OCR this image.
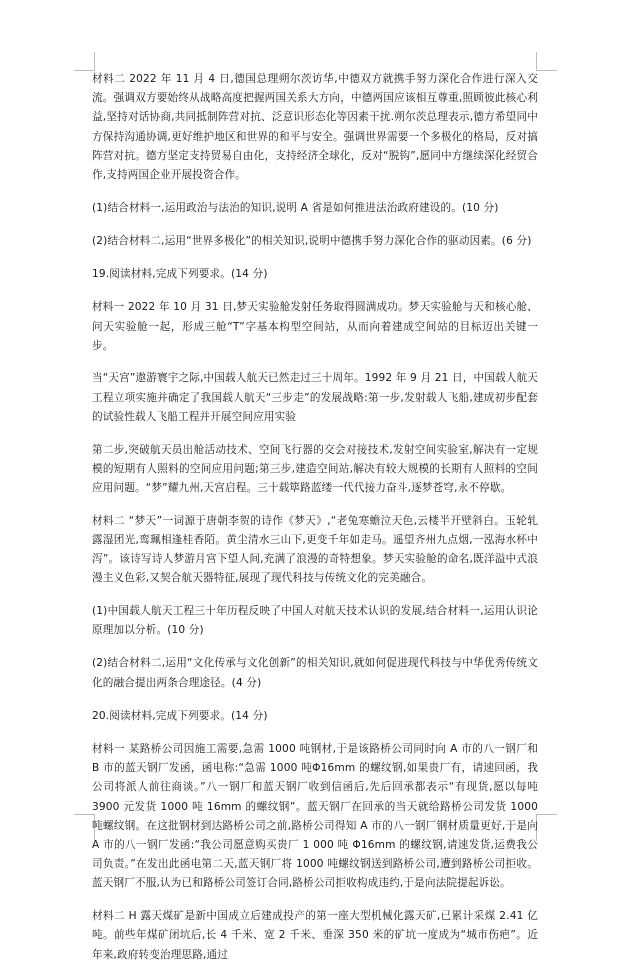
材料二 2022 年 11 月 4 日,德国总理朔尔茨访华,中德双方就携手努力深化合作进行深入交流。强调双方要始终从战略高度把握两国关系大方向，中德两国应该相互尊重,照顾彼此核心利益,坚持对话协商,共同抵制阵营对抗、泛意识形态化等因素干扰.朔尔茨总理表示,德方希望同中方保持沟通协调,更好维护地区和世界的和平与安全。强调世界需要一个多极化的格局，反对搞阵营对抗。德方坚定支持贸易自由化，支持经济全球化，反对“脱钩”,愿同中方继续深化经贸合作,支持两国企业开展投资合作。

(1)结合材料一,运用政治与法治的知识,说明 A 省是如何推进法治政府建设的。(10 分)

(2)结合材料二,运用“世界多极化”的相关知识,说明中德携手努力深化合作的驱动因素。(6 分)

19.阅读材料,完成下列要求。(14 分)

材料一 2022 年 10 月 31 日,梦天实验舱发射任务取得圆满成功。梦天实验舱与天和核心舱、问天实验舱一起，形成三舱“T”字基本构型空间站，从而向着建成空间站的目标迈出关键一步。

当“天宫”遨游寰宇之际,中国载人航天已然走过三十周年。1992 年 9 月 21 日，中国载人航天工程立项实施并确定了我国载人航天“三步走”的发展战略:第一步,发射载人飞船,建成初步配套的试验性载人飞船工程并开展空间应用实验

第二步,突破航天员出舱活动技术、空间飞行器的交会对接技术,发射空间实验室,解决有一定规模的短期有人照料的空间应用问题;第三步,建造空间站,解决有较大规模的长期有人照料的空间应用问题。“梦”耀九州,天宫启程。三十载筚路蓝缕一代代接力奋斗,逐梦苍穹,永不停歇。

材料二 “梦天”一词源于唐朝李贺的诗作《梦天》,“老兔寒蟾泣天色,云楼半开壁斜白。玉轮轧露湿团光,鸾珮相逢桂香陌。黄尘清水三山下,更变千年如走马。遥望齐州九点烟,一泓海水杯中泻”。该诗写诗人梦游月宫下望人间,充满了浪漫的奇特想象。梦天实验舱的命名,既洋溢中式浪漫主义色彩,又契合航天器特征,展现了现代科技与传统文化的完美融合。

(1)中国载人航天工程三十年历程反映了中国人对航天技术认识的发展,结合材料一,运用认识论原理加以分析。(10 分)

(2)结合材料二,运用“文化传承与文化创新”的相关知识,就如何促进现代科技与中华优秀传统文化的融合提出两条合理途径。(4 分)

20.阅读材料,完成下列要求。(14 分)

材料一 某路桥公司因施工需要,急需 1000 吨钢材,于是该路桥公司同时向 A 市的八一钢厂和 B 市的蓝天钢厂发函，函电称:“急需 1000 吨Φ16mm 的螺纹钢,如果贵厂有，请速回函，我公司将派人前往商谈。”八一钢厂和蓝天钢厂收到信函后,先后回承都表示“有现货,愿以每吨 3900 元发货 1000 吨 16mm 的螺纹钢”。蓝天钢厂在回承的当天就给路桥公司发货 1000 吨螺纹钢。在这批钢材到达路桥公司之前,路桥公司得知 A 市的八一钢厂钢材质量更好,于是向 A 市的八一钢厂发函:“我公司愿意购买贵厂 1 000 吨 Φ16mm 的螺纹钢,请速发货,运费我公司负责。”在发出此函电第二天,蓝天钢厂将 1000 吨螺纹钢送到路桥公司,遭到路桥公司拒收。蓝天钢厂不服,认为已和路桥公司签订合同,路桥公司拒收构成违约,于是向法院提起诉讼。

材料二 H 露天煤矿是新中国成立后建成投产的第一座大型机械化露天矿,已累计采煤 2.41 亿吨。前些年煤矿闭坑后,长 4 千米、宽 2 千米、垂深 350 米的矿坑一度成为“城市伤疤”。近年来,政府转变治理思路,通过
